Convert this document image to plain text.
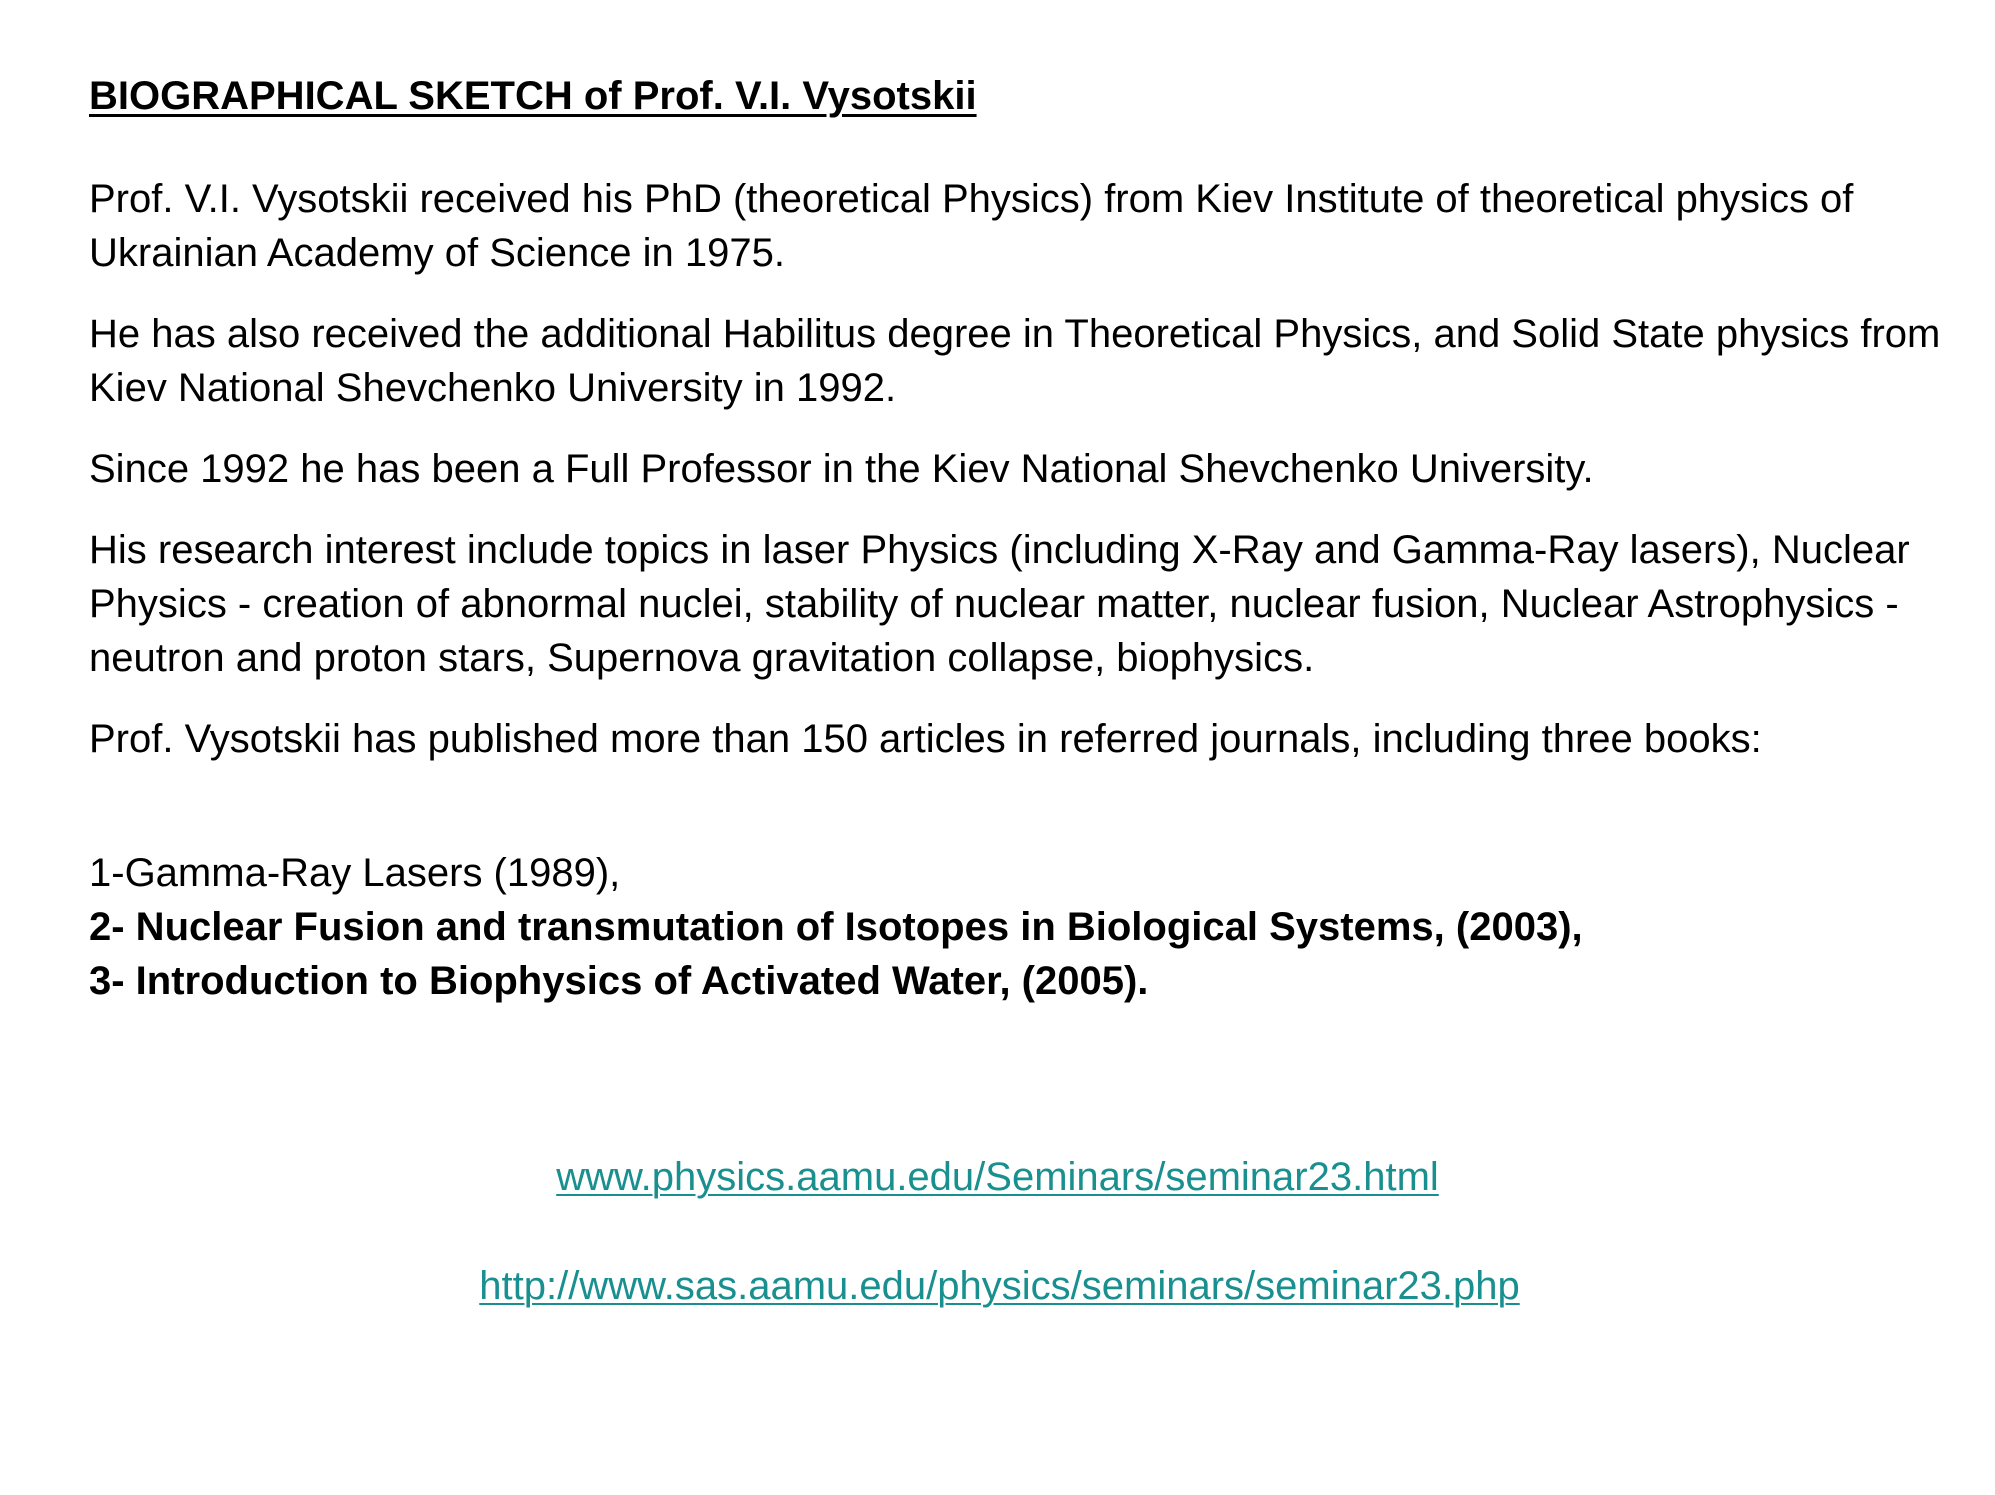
BIOGRAPHICAL SKETCH of Prof. V.I. Vysotskii

Prof. V.I. Vysotskii received his PhD (theoretical Physics) from Kiev Institute of theoretical physics of Ukrainian Academy of Science in 1975.

He has also received the additional Habilitus degree in Theoretical Physics, and Solid State physics from Kiev National Shevchenko University in 1992.

Since 1992 he has been a Full Professor in the Kiev National Shevchenko University.

His research interest include topics in laser Physics (including X-Ray and Gamma-Ray lasers), Nuclear Physics - creation of abnormal nuclei, stability of nuclear matter, nuclear fusion, Nuclear Astrophysics - neutron and proton stars, Supernova gravitation collapse, biophysics.

Prof. Vysotskii has published more than 150 articles in referred journals, including three books:

1-Gamma-Ray Lasers (1989),
2- Nuclear Fusion and transmutation of Isotopes in Biological Systems, (2003),
3- Introduction to Biophysics of Activated Water, (2005).
www.physics.aamu.edu/Seminars/seminar23.html
http://www.sas.aamu.edu/physics/seminars/seminar23.php
